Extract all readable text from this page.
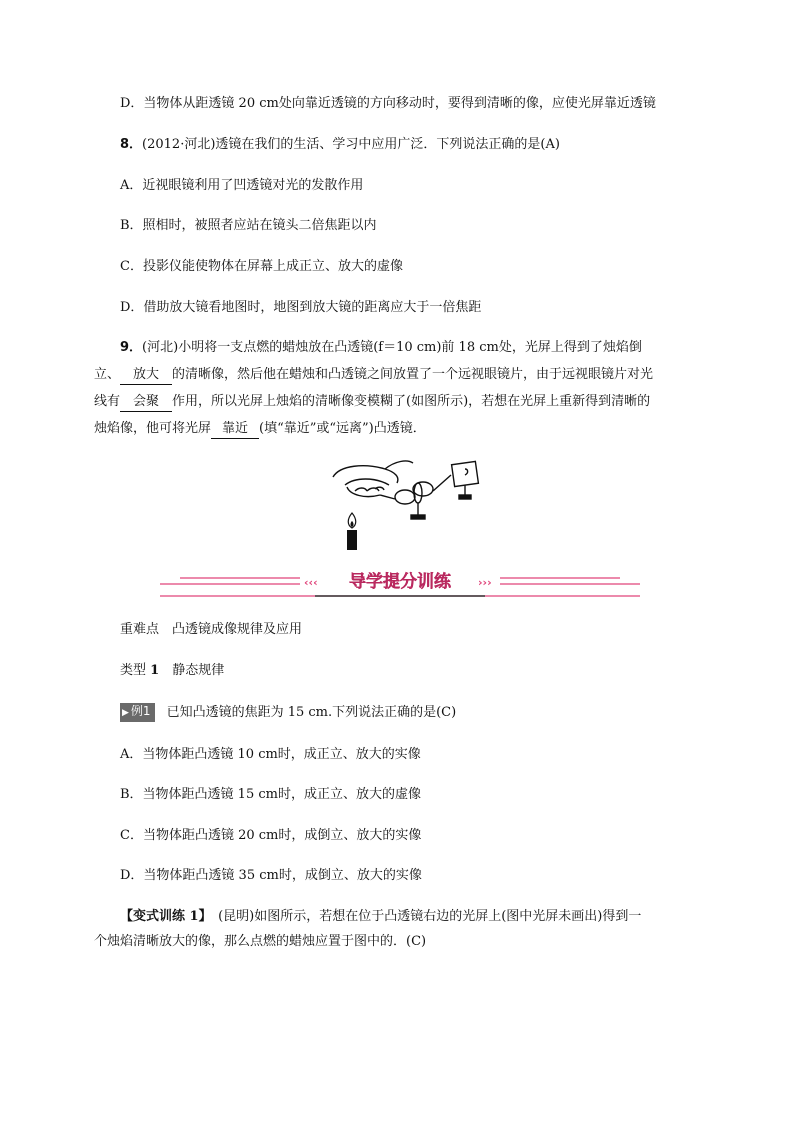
D．当物体从距透镜 20 cm处向靠近透镜的方向移动时，要得到清晰的像，应使光屏靠近透镜
8．(2012·河北)透镜在我们的生活、学习中应用广泛．下列说法正确的是(A)
A．近视眼镜利用了凹透镜对光的发散作用
B．照相时，被照者应站在镜头二倍焦距以内
C．投影仪能使物体在屏幕上成正立、放大的虚像
D．借助放大镜看地图时，地图到放大镜的距离应大于一倍焦距
9．(河北)小明将一支点燃的蜡烛放在凸透镜(f＝10 cm)前 18 cm处，光屏上得到了烛焰倒
立、 放大 的清晰像，然后他在蜡烛和凸透镜之间放置了一个远视眼镜片，由于远视眼镜片对光
线有 会聚 作用，所以光屏上烛焰的清晰像变模糊了(如图所示)，若想在光屏上重新得到清晰的
烛焰像，他可将光屏 靠近 (填“靠近”或“远离”)凸透镜．
‹‹‹	›››
导学提分训练
重难点　凸透镜成像规律及应用
类型 1　 静态规律
▶ 例1 已知凸透镜的焦距为 15 cm.下列说法正确的是(C)
A．当物体距凸透镜 10 cm时，成正立、放大的实像
B．当物体距凸透镜 15 cm时，成正立、放大的虚像
C．当物体距凸透镜 20 cm时，成倒立、放大的实像
D．当物体距凸透镜 35 cm时，成倒立、放大的实像
【变式训练 1】　 (昆明)如图所示，若想在位于凸透镜右边的光屏上(图中光屏未画出)得到一
个烛焰清晰放大的像，那么点燃的蜡烛应置于图中的．(C)
